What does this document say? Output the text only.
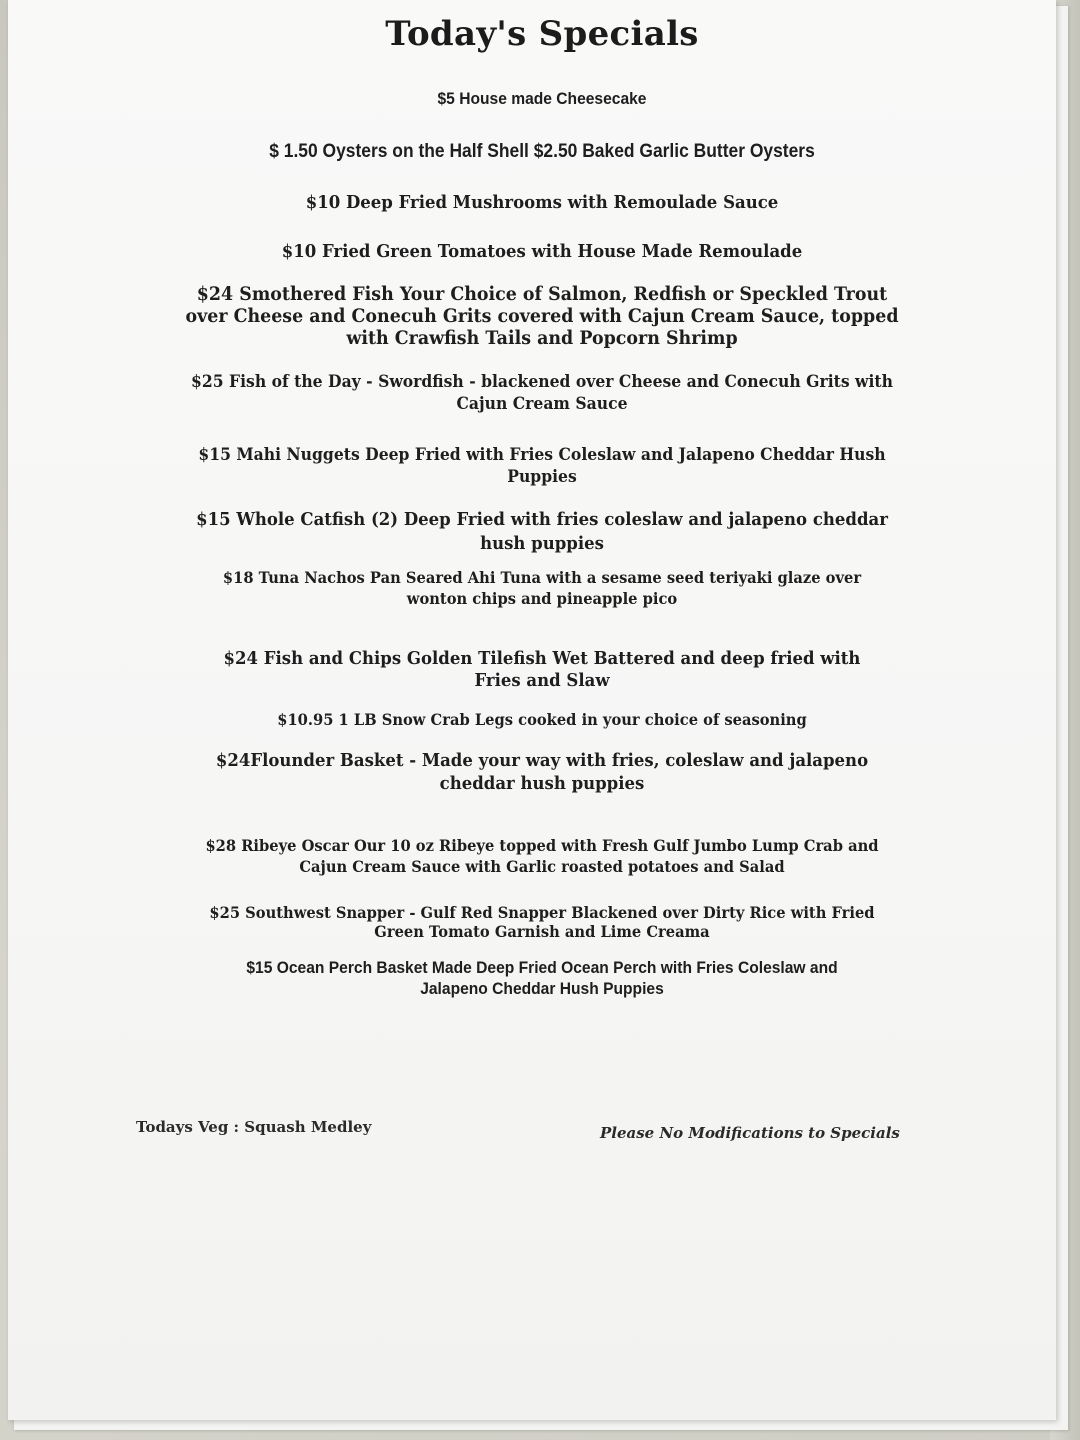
Today's Specials
$5 House made Cheesecake
$ 1.50 Oysters on the Half Shell $2.50 Baked Garlic Butter Oysters
$10 Deep Fried Mushrooms with Remoulade Sauce
$10 Fried Green Tomatoes with House Made Remoulade
$24 Smothered Fish Your Choice of Salmon, Redfish or Speckled Trout
over Cheese and Conecuh Grits covered with Cajun Cream Sauce, topped
with Crawfish Tails and Popcorn Shrimp
$25 Fish of the Day - Swordfish - blackened over Cheese and Conecuh Grits with
Cajun Cream Sauce
$15 Mahi Nuggets Deep Fried with Fries Coleslaw and Jalapeno Cheddar Hush
Puppies
$15 Whole Catfish (2) Deep Fried with fries coleslaw and jalapeno cheddar
hush puppies
$18 Tuna Nachos Pan Seared Ahi Tuna with a sesame seed teriyaki glaze over
wonton chips and pineapple pico
$24 Fish and Chips Golden Tilefish Wet Battered and deep fried with
Fries and Slaw
$10.95 1 LB Snow Crab Legs cooked in your choice of seasoning
$24Flounder Basket - Made your way with fries, coleslaw and jalapeno
cheddar hush puppies
$28 Ribeye Oscar Our 10 oz Ribeye topped with Fresh Gulf Jumbo Lump Crab and
Cajun Cream Sauce with Garlic roasted potatoes and Salad
$25 Southwest Snapper - Gulf Red Snapper Blackened over Dirty Rice with Fried
Green Tomato Garnish and Lime Creama
$15 Ocean Perch Basket Made Deep Fried Ocean Perch with Fries Coleslaw and
Jalapeno Cheddar Hush Puppies
Todays Veg : Squash Medley	Please No Modifications to Specials
